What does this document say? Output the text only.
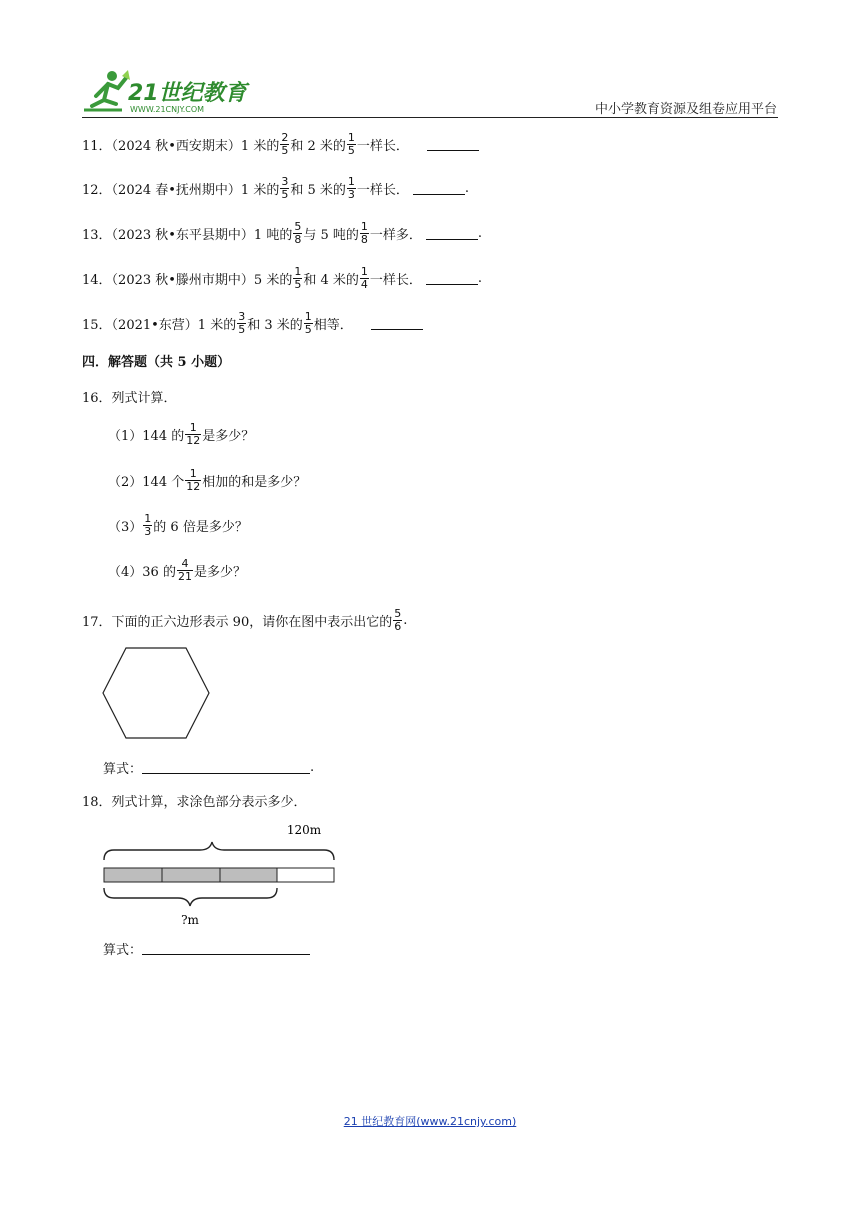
21世纪教育
WWW.21CNJY.COM	中小学教育资源及组卷应用平台
11．（2024 秋•西安期末）1 米的 $\frac{2}{5}$ 和 2 米的 $\frac{1}{5}$ 一样长．
12．（2024 春•抚州期中）1 米的 $\frac{3}{5}$ 和 5 米的 $\frac{1}{3}$ 一样长．	.
13．（2023 秋•东平县期中）1 吨的 $\frac{5}{8}$ 与 5 吨的 $\frac{1}{8}$ 一样多．	.
14．（2023 秋•滕州市期中）5 米的 $\frac{1}{5}$ 和 4 米的 $\frac{1}{4}$ 一样长．	.
15．（2021•东营）1 米的 $\frac{3}{5}$ 和 3 米的 $\frac{1}{5}$ 相等．
四．解答题（共 5 小题）
16．列式计算．
（1）144 的 $\frac{1}{12}$ 是多少？
（2）144 个 $\frac{1}{12}$ 相加的和是多少？
$(3) \frac{1}{3}$ 的 6 倍是多少？
（4）36 的 $\frac{4}{21}$ 是多少？
17．下面的正六边形表示 90，请你在图中表示出它的 $\frac{5}{6}$ .
算式：	.
18．列式计算，求涂色部分表示多少．
120m
?m
算式：
21 世纪教育网(www.21cnjy.com)
